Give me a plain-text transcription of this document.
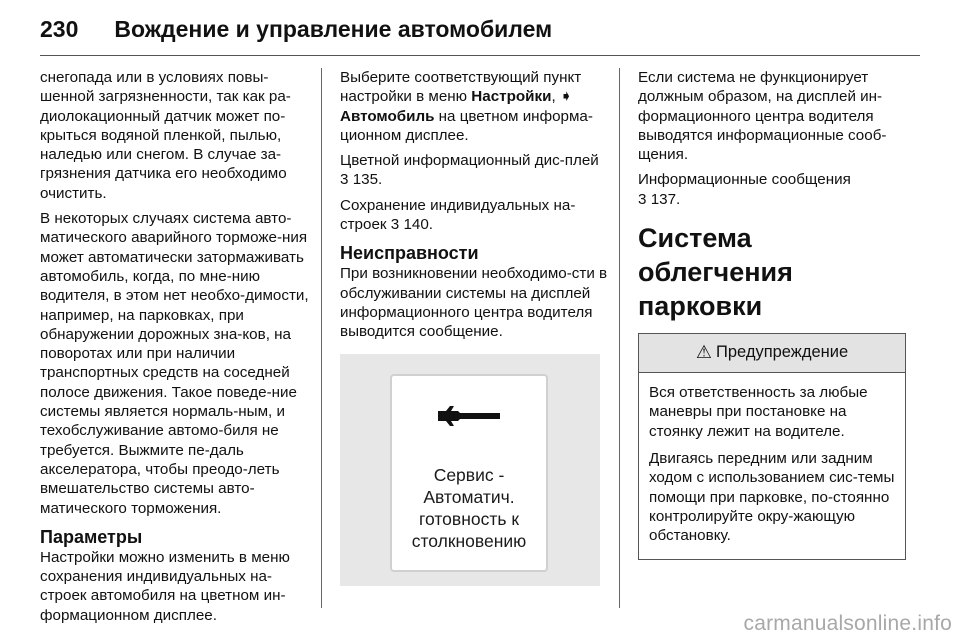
230 Вождение и управление автомобилем

снегопада или в условиях повы-шенной загрязненности, так как ра-диолокационный датчик может по-крыться водяной пленкой, пылью, наледью или снегом. В случае за-грязнения датчика его необходимо очистить.

В некоторых случаях система авто-матического аварийного торможе-ния может автоматически затормаживать автомобиль, когда, по мне-нию водителя, в этом нет необхо-димости, например, на парковках, при обнаружении дорожных зна-ков, на поворотах или при наличии транспортных средств на соседней полосе движения. Такое поведе-ние системы является нормаль-ным, и техобслуживание автомо-биля не требуется. Выжмите пе-даль акселератора, чтобы преодо-леть вмешательство системы авто-матического торможения.

Параметры

Настройки можно изменить в меню сохранения индивидуальных на-строек автомобиля на цветном ин-формационном дисплее.

Выберите соответствующий пункт настройки в меню Настройки, ➧
Автомобиль на цветном информа-ционном дисплее.

Цветной информационный дис-плей 3 135.

Сохранение индивидуальных на-строек 3 140.

Неисправности

При возникновении необходимо-сти в обслуживании системы на дисплей информационного центра водителя выводится сообщение.

Сервис -
Автоматич.
готовность к
столкновению

Если система не функционирует должным образом, на дисплей ин-формационного центра водителя выводятся информационные сооб-щения.

Информационные сообщения
3 137.

Система облегчения
парковки
⚠ Предупреждение

Вся ответственность за любые маневры при постановке на стоянку лежит на водителе.

Двигаясь передним или задним ходом с использованием сис-темы помощи при парковке, по-стоянно контролируйте окру-жающую обстановку.

carmanualsonline.info
